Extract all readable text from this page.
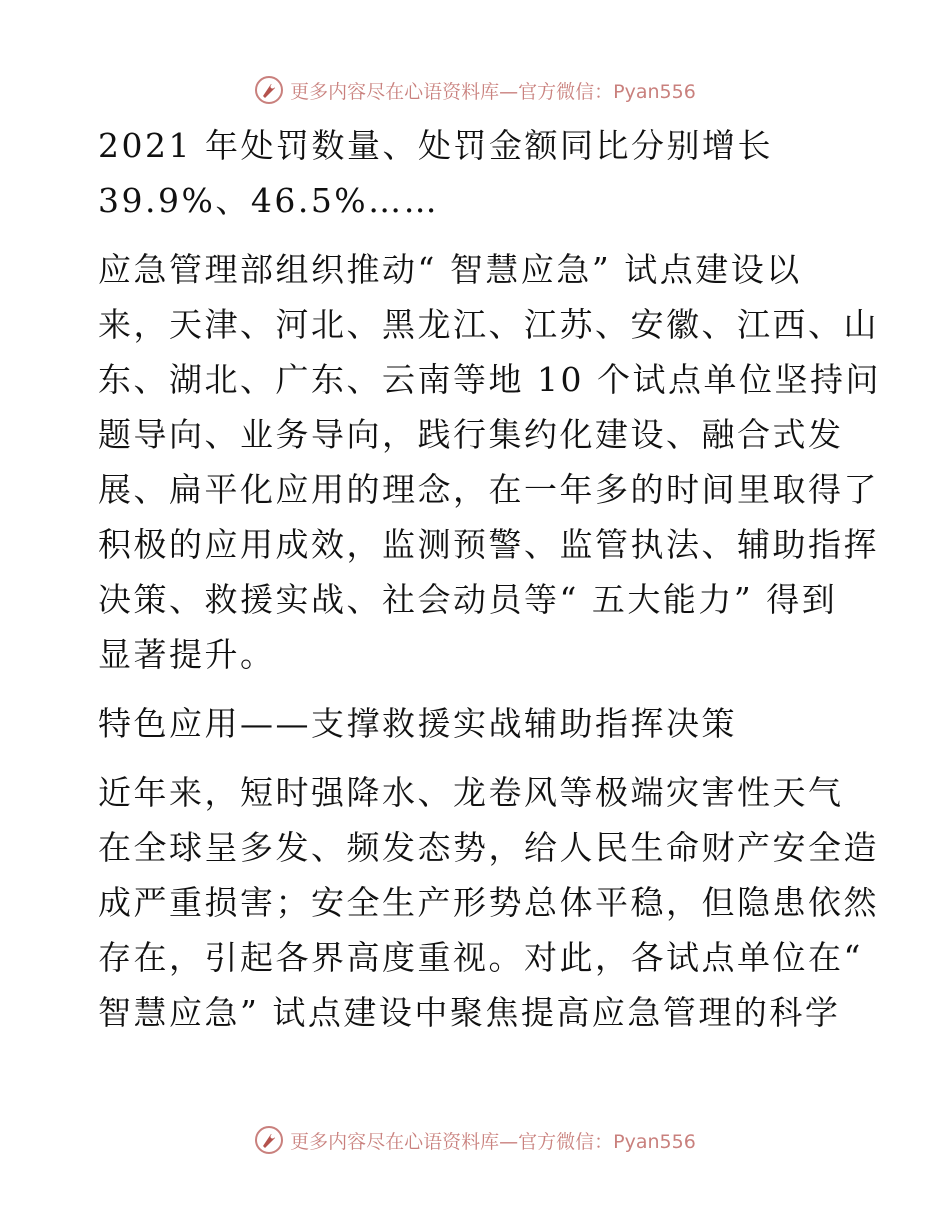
更多内容尽在心语资料库—官方微信：Pyan556
2021 年处罚数量、处罚金额同比分别增长
39.9%、46.5%……
应急管理部组织推动“ 智慧应急” 试点建设以
来，天津、河北、黑龙江、江苏、安徽、江西、山
东、湖北、广东、云南等地 10 个试点单位坚持问
题导向、业务导向，践行集约化建设、融合式发
展、扁平化应用的理念，在一年多的时间里取得了
积极的应用成效，监测预警、监管执法、辅助指挥
决策、救援实战、社会动员等“ 五大能力” 得到
显著提升。
特色应用——支撑救援实战辅助指挥决策
近年来，短时强降水、龙卷风等极端灾害性天气
在全球呈多发、频发态势，给人民生命财产安全造
成严重损害；安全生产形势总体平稳，但隐患依然
存在，引起各界高度重视。对此，各试点单位在“
智慧应急” 试点建设中聚焦提高应急管理的科学
更多内容尽在心语资料库—官方微信：Pyan556
